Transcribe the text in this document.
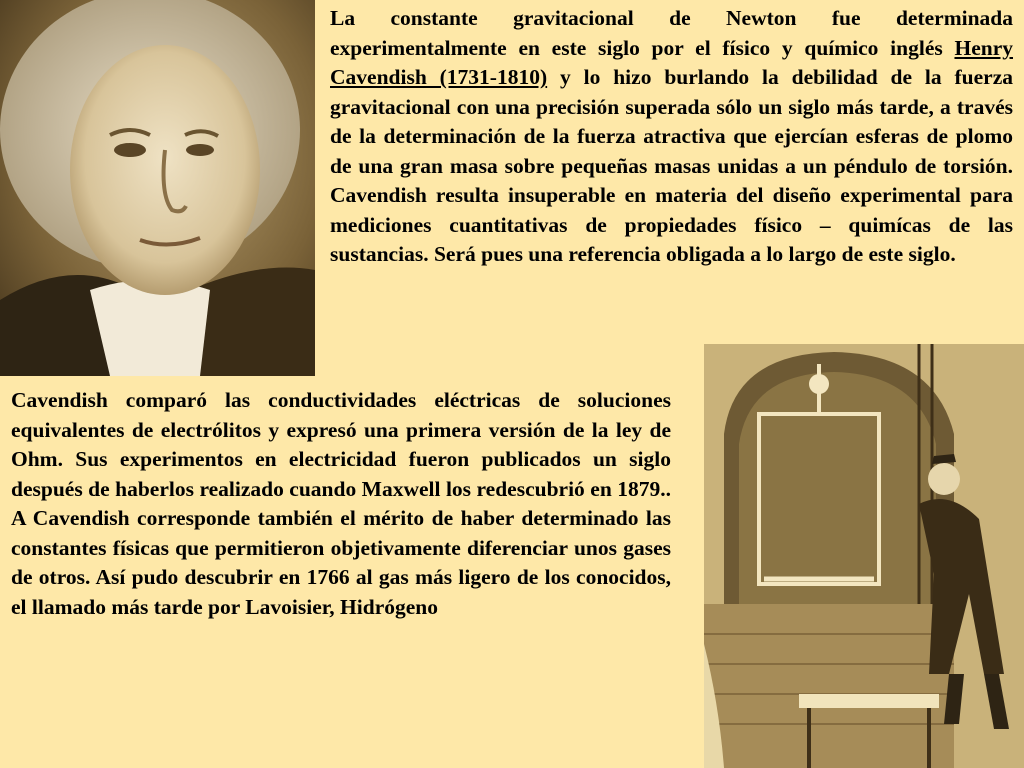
La constante gravitacional de Newton fue determinada experimentalmente en este siglo por el físico y químico inglés Henry Cavendish (1731-1810) y lo hizo burlando la debilidad de la fuerza gravitacional con una precisión superada sólo un siglo más tarde, a través de la determinación de la fuerza atractiva que ejercían esferas de plomo de una gran masa sobre pequeñas masas unidas a un péndulo de torsión. Cavendish resulta insuperable en materia del diseño experimental para mediciones cuantitativas de propiedades físico – quimícas de las sustancias. Será pues una referencia obligada a lo largo de este siglo.

Cavendish comparó las conductividades eléctricas de soluciones equivalentes de electrólitos y expresó una primera versión de la ley de Ohm. Sus experimentos en electricidad fueron publicados un siglo después de haberlos realizado cuando Maxwell los redescubrió en 1879.. A Cavendish corresponde también el mérito de haber determinado las constantes físicas que permitieron objetivamente diferenciar unos gases de otros. Así pudo descubrir en 1766 al gas más ligero de los conocidos, el llamado más tarde por Lavoisier, Hidrógeno
